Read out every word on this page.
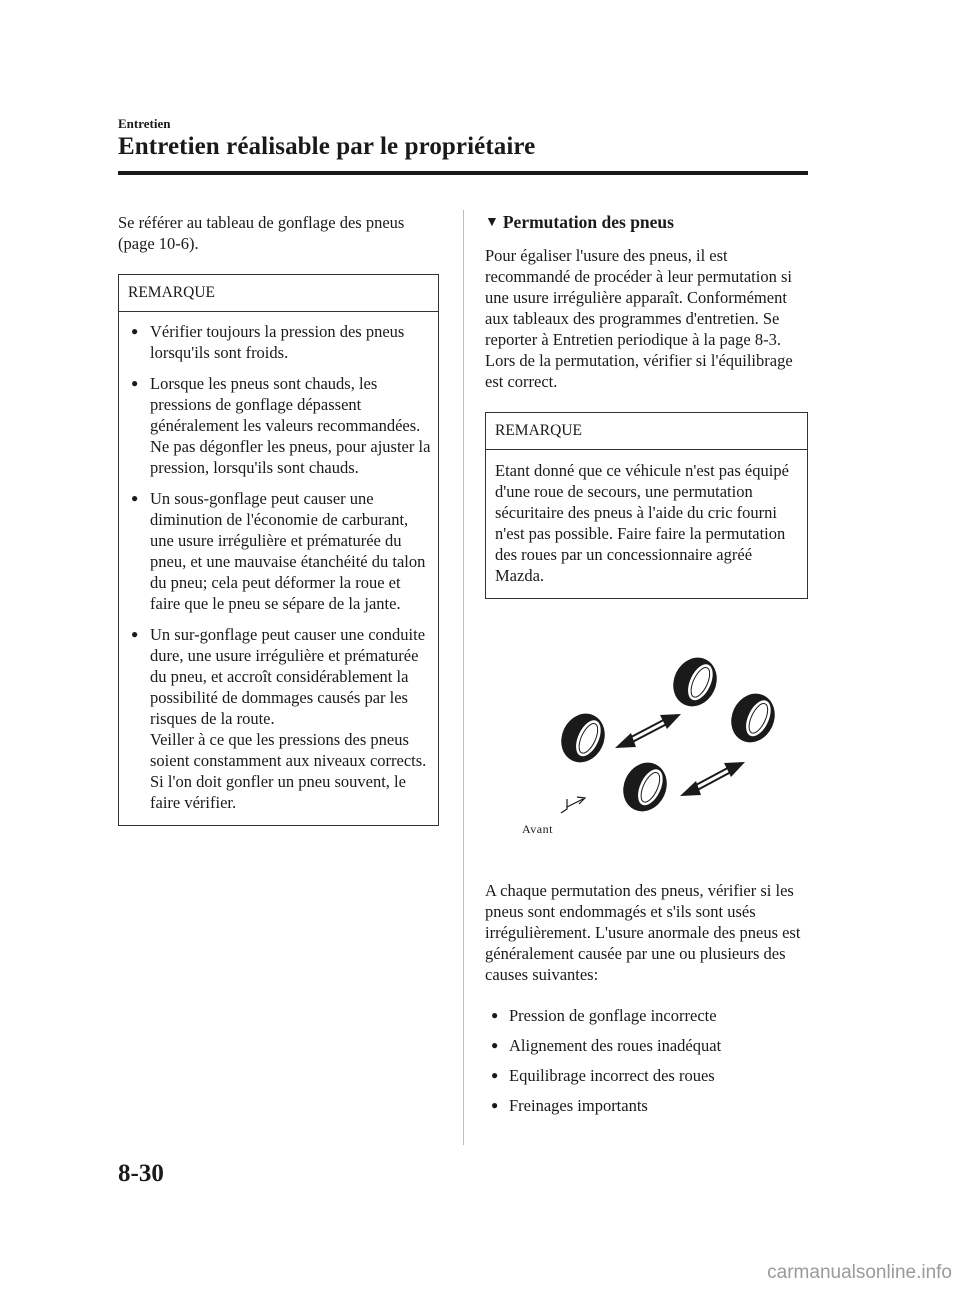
Entretien
Entretien réalisable par le propriétaire

Se référer au tableau de gonflage des pneus (page 10-6).

REMARQUE
● Vérifier toujours la pression des pneus lorsqu'ils sont froids.
● Lorsque les pneus sont chauds, les pressions de gonflage dépassent généralement les valeurs recommandées. Ne pas dégonfler les pneus, pour ajuster la pression, lorsqu'ils sont chauds.
● Un sous-gonflage peut causer une diminution de l'économie de carburant, une usure irrégulière et prématurée du pneu, et une mauvaise étanchéité du talon du pneu; cela peut déformer la roue et faire que le pneu se sépare de la jante.
● Un sur-gonflage peut causer une conduite dure, une usure irrégulière et prématurée du pneu, et accroît considérablement la possibilité de dommages causés par les risques de la route.
Veiller à ce que les pressions des pneus soient constamment aux niveaux corrects. Si l'on doit gonfler un pneu souvent, le faire vérifier.
▼ Permutation des pneus

Pour égaliser l'usure des pneus, il est recommandé de procéder à leur permutation si une usure irrégulière apparaît. Conformément aux tableaux des programmes d'entretien. Se reporter à Entretien periodique à la page 8-3. Lors de la permutation, vérifier si l'équilibrage est correct.

REMARQUE

Etant donné que ce véhicule n'est pas équipé d'une roue de secours, une permutation sécuritaire des pneus à l'aide du cric fourni n'est pas possible. Faire faire la permutation des roues par un concessionnaire agréé Mazda.

Avant

A chaque permutation des pneus, vérifier si les pneus sont endommagés et s'ils sont usés irrégulièrement. L'usure anormale des pneus est généralement causée par une ou plusieurs des causes suivantes:

● Pression de gonflage incorrecte
● Alignement des roues inadéquat
● Equilibrage incorrect des roues
● Freinages importants
8-30
carmanualsonline.info
